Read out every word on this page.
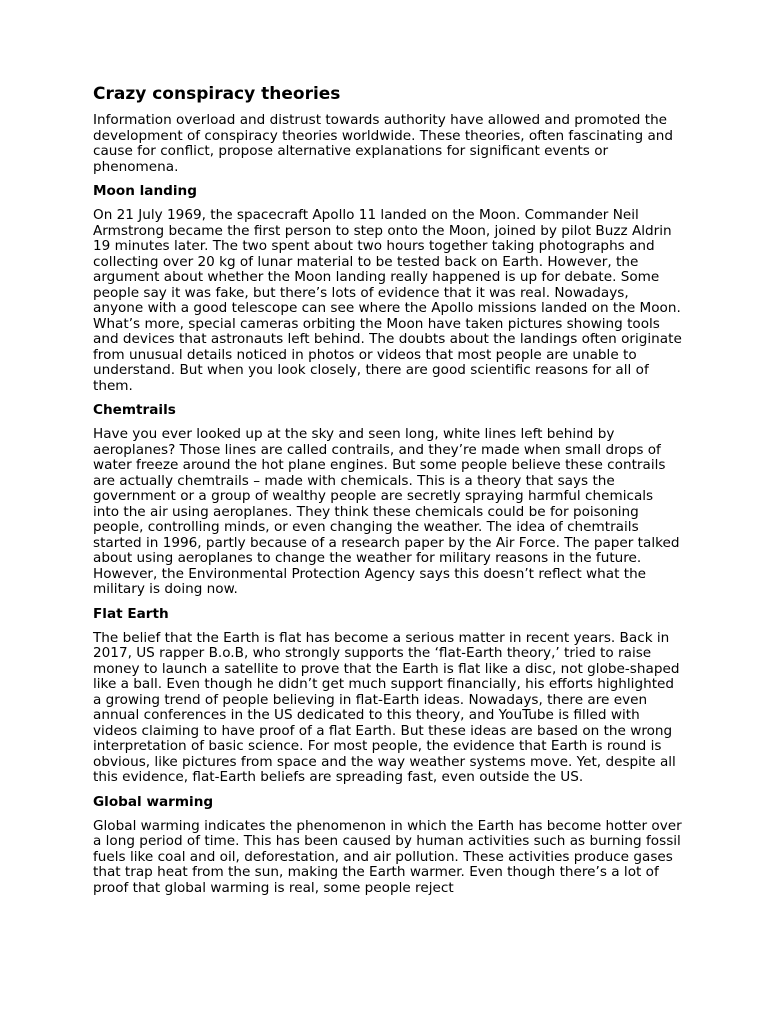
Crazy conspiracy theories

Information overload and distrust towards authority have allowed and promoted the development of conspiracy theories worldwide. These theories, often fascinating and cause for conflict, propose alternative explanations for significant events or phenomena.

Moon landing

On 21 July 1969, the spacecraft Apollo 11 landed on the Moon. Commander Neil Armstrong became the first person to step onto the Moon, joined by pilot Buzz Aldrin 19 minutes later. The two spent about two hours together taking photographs and collecting over 20 kg of lunar material to be tested back on Earth. However, the argument about whether the Moon landing really happened is up for debate. Some people say it was fake, but there’s lots of evidence that it was real. Nowadays, anyone with a good telescope can see where the Apollo missions landed on the Moon. What’s more, special cameras orbiting the Moon have taken pictures showing tools and devices that astronauts left behind. The doubts about the landings often originate from unusual details noticed in photos or videos that most people are unable to understand. But when you look closely, there are good scientific reasons for all of them.

Chemtrails

Have you ever looked up at the sky and seen long, white lines left behind by aeroplanes? Those lines are called contrails, and they’re made when small drops of water freeze around the hot plane engines. But some people believe these contrails are actually chemtrails – made with chemicals. This is a theory that says the government or a group of wealthy people are secretly spraying harmful chemicals into the air using aeroplanes. They think these chemicals could be for poisoning people, controlling minds, or even changing the weather. The idea of chemtrails started in 1996, partly because of a research paper by the Air Force. The paper talked about using aeroplanes to change the weather for military reasons in the future. However, the Environmental Protection Agency says this doesn’t reflect what the military is doing now.

Flat Earth

The belief that the Earth is flat has become a serious matter in recent years. Back in 2017, US rapper B.o.B, who strongly supports the ‘flat-Earth theory,’ tried to raise money to launch a satellite to prove that the Earth is flat like a disc, not globe-shaped like a ball. Even though he didn’t get much support financially, his efforts highlighted a growing trend of people believing in flat-Earth ideas. Nowadays, there are even annual conferences in the US dedicated to this theory, and YouTube is filled with videos claiming to have proof of a flat Earth. But these ideas are based on the wrong interpretation of basic science. For most people, the evidence that Earth is round is obvious, like pictures from space and the way weather systems move. Yet, despite all this evidence, flat-Earth beliefs are spreading fast, even outside the US.

Global warming

Global warming indicates the phenomenon in which the Earth has become hotter over a long period of time. This has been caused by human activities such as burning fossil fuels like coal and oil, deforestation, and air pollution. These activities produce gases that trap heat from the sun, making the Earth warmer. Even though there’s a lot of proof that global warming is real, some people reject
